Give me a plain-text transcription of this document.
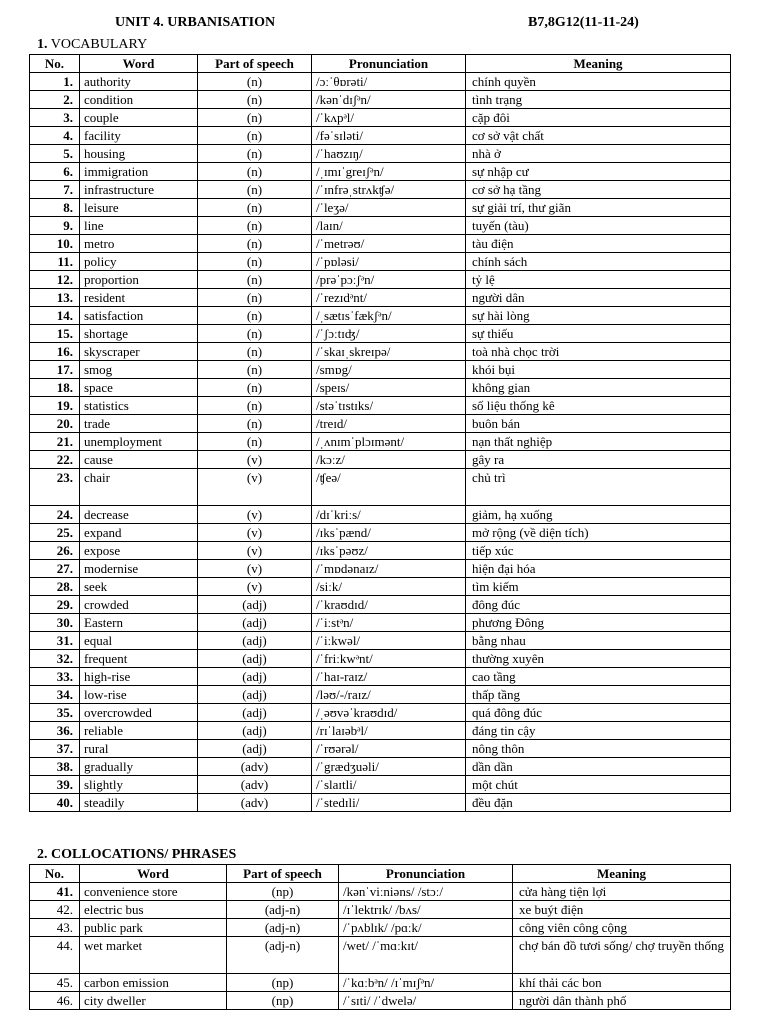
UNIT 4. URBANISATION	B7,8G12(11-11-24)
1. VOCABULARY
No.	Word	Part of speech	Pronunciation	Meaning
1.	authority	(n)	/ɔːˈθɒrəti/	chính quyền
2.	condition	(n)	/kənˈdɪʃᵊn/	tình trạng
3.	couple	(n)	/ˈkʌpᵊl/	cặp đôi
4.	facility	(n)	/fəˈsɪləti/	cơ sở vật chất
5.	housing	(n)	/ˈhaʊzɪŋ/	nhà ở
6.	immigration	(n)	/ˌɪmɪˈgreɪʃᵊn/	sự nhập cư
7.	infrastructure	(n)	/ˈɪnfrəˌstrʌkʧə/	cơ sở hạ tầng
8.	leisure	(n)	/ˈleʒə/	sự giải trí, thư giãn
9.	line	(n)	/laɪn/	tuyến (tàu)
10.	metro	(n)	/ˈmetrəʊ/	tàu điện
11.	policy	(n)	/ˈpɒləsi/	chính sách
12.	proportion	(n)	/prəˈpɔːʃᵊn/	tỷ lệ
13.	resident	(n)	/ˈrezɪdᵊnt/	người dân
14.	satisfaction	(n)	/ˌsætɪsˈfækʃᵊn/	sự hài lòng
15.	shortage	(n)	/ˈʃɔːtɪʤ/	sự thiếu
16.	skyscraper	(n)	/ˈskaɪˌskreɪpə/	toà nhà chọc trời
17.	smog	(n)	/smɒg/	khói bụi
18.	space	(n)	/speɪs/	không gian
19.	statistics	(n)	/stəˈtɪstɪks/	số liệu thống kê
20.	trade	(n)	/treɪd/	buôn bán
21.	unemployment	(n)	/ˌʌnɪmˈplɔɪmənt/	nạn thất nghiệp
22.	cause	(v)	/kɔːz/	gây ra
23.	chair	(v)	/ʧeə/	chủ trì
24.	decrease	(v)	/dɪˈkriːs/	giảm, hạ xuống
25.	expand	(v)	/ɪksˈpænd/	mở rộng (về diện tích)
26.	expose	(v)	/ɪksˈpəʊz/	tiếp xúc
27.	modernise	(v)	/ˈmɒdənaɪz/	hiện đại hóa
28.	seek	(v)	/siːk/	tìm kiếm
29.	crowded	(adj)	/ˈkraʊdɪd/	đông đúc
30.	Eastern	(adj)	/ˈiːstᵊn/	phương Đông
31.	equal	(adj)	/ˈiːkwəl/	bằng nhau
32.	frequent	(adj)	/ˈfriːkwᵊnt/	thường xuyên
33.	high-rise	(adj)	/ˈhaɪ-raɪz/	cao tầng
34.	low-rise	(adj)	/ləʊ/-/raɪz/	thấp tầng
35.	overcrowded	(adj)	/ˌəʊvəˈkraʊdɪd/	quá đông đúc
36.	reliable	(adj)	/rɪˈlaɪəbᵊl/	đáng tin cậy
37.	rural	(adj)	/ˈrʊərəl/	nông thôn
38.	gradually	(adv)	/ˈgrædʒuəli/	dần dần
39.	slightly	(adv)	/ˈslaɪtli/	một chút
40.	steadily	(adv)	/ˈstedɪli/	đều đặn
2. COLLOCATIONS/ PHRASES
No.	Word	Part of speech	Pronunciation	Meaning
41.	convenience store	(np)	/kənˈviːniəns/ /stɔː/	cửa hàng tiện lợi
42.	electric bus	(adj-n)	/ɪˈlektrɪk/ /bʌs/	xe buýt điện
43.	public park	(adj-n)	/ˈpʌblɪk/ /pɑːk/	công viên công cộng
44.	wet market	(adj-n)	/wet/ /ˈmɑːkɪt/	chợ bán đồ tươi sống/ chợ truyền thống
45.	carbon emission	(np)	/ˈkɑːbᵊn/ /ɪˈmɪʃᵊn/	khí thải các bon
46.	city dweller	(np)	/ˈsɪti/ /ˈdwelə/	người dân thành phố
